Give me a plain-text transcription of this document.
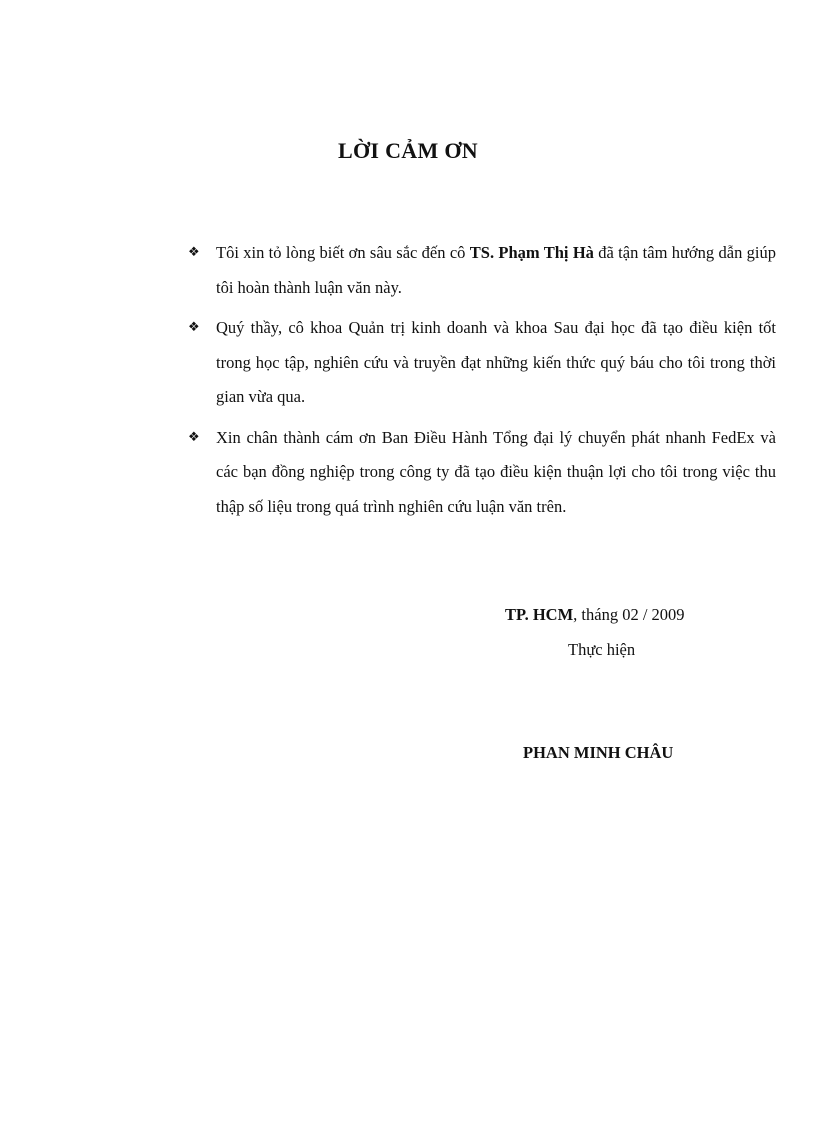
LỜI CẢM ƠN
❖ Tôi xin tỏ lòng biết ơn sâu sắc đến cô TS. Phạm Thị Hà đã tận tâm hướng dẫn giúp tôi hoàn thành luận văn này.
❖ Quý thầy, cô khoa Quản trị kinh doanh và khoa Sau đại học đã tạo điều kiện tốt trong học tập, nghiên cứu và truyền đạt những kiến thức quý báu cho tôi trong thời gian vừa qua.
❖ Xin chân thành cám ơn Ban Điều Hành Tổng đại lý chuyển phát nhanh FedEx và các bạn đồng nghiệp trong công ty đã tạo điều kiện thuận lợi cho tôi trong việc thu thập số liệu trong quá trình nghiên cứu luận văn trên.
TP. HCM, tháng 02 / 2009
Thực hiện
PHAN MINH CHÂU
